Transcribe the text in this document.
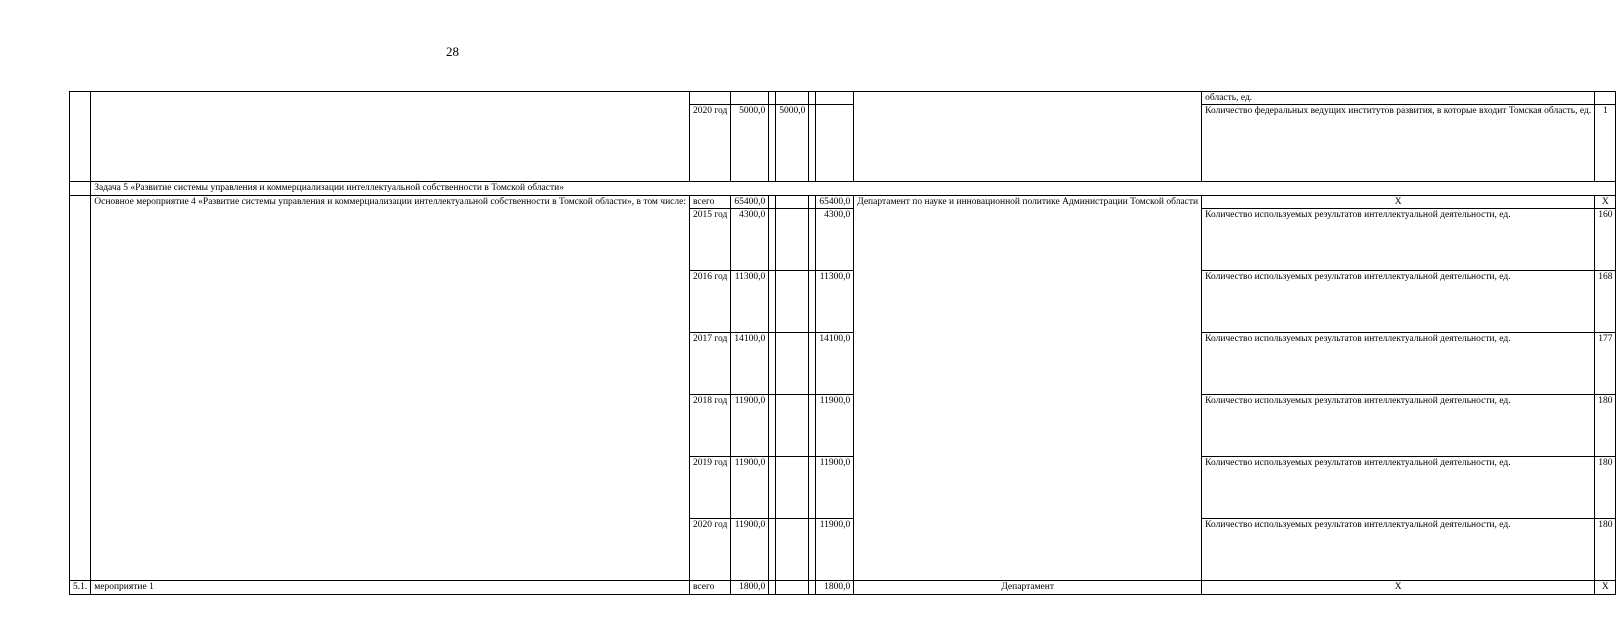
28
									область, ед.	
		2020 год	5000,0		5000,0				Количество федеральных ведущих институтов развития, в которые входит Томская область, ед.	1
	Задача 5 «Развитие системы управления и коммерциализации интеллектуальной собственности в Томской области»									
	Основное мероприятие 4 «Развитие системы управления и коммерциализации интеллектуальной собственности в Томской области», в том числе:	всего	65400,0				65400,0	Департамент по науке и инновационной политике Администрации Томской области	Х	Х
		2015 год	4300,0				4300,0		Количество используемых результатов интеллектуальной деятельности, ед.	160
		2016 год	11300,0				11300,0		Количество используемых результатов интеллектуальной деятельности, ед.	168
		2017 год	14100,0				14100,0		Количество используемых результатов интеллектуальной деятельности, ед.	177
		2018 год	11900,0				11900,0		Количество используемых результатов интеллектуальной деятельности, ед.	180
		2019 год	11900,0				11900,0		Количество используемых результатов интеллектуальной деятельности, ед.	180
		2020 год	11900,0				11900,0		Количество используемых результатов интеллектуальной деятельности, ед.	180
5.1.	мероприятие 1	всего	1800,0				1800,0	Департамент	Х	Х
